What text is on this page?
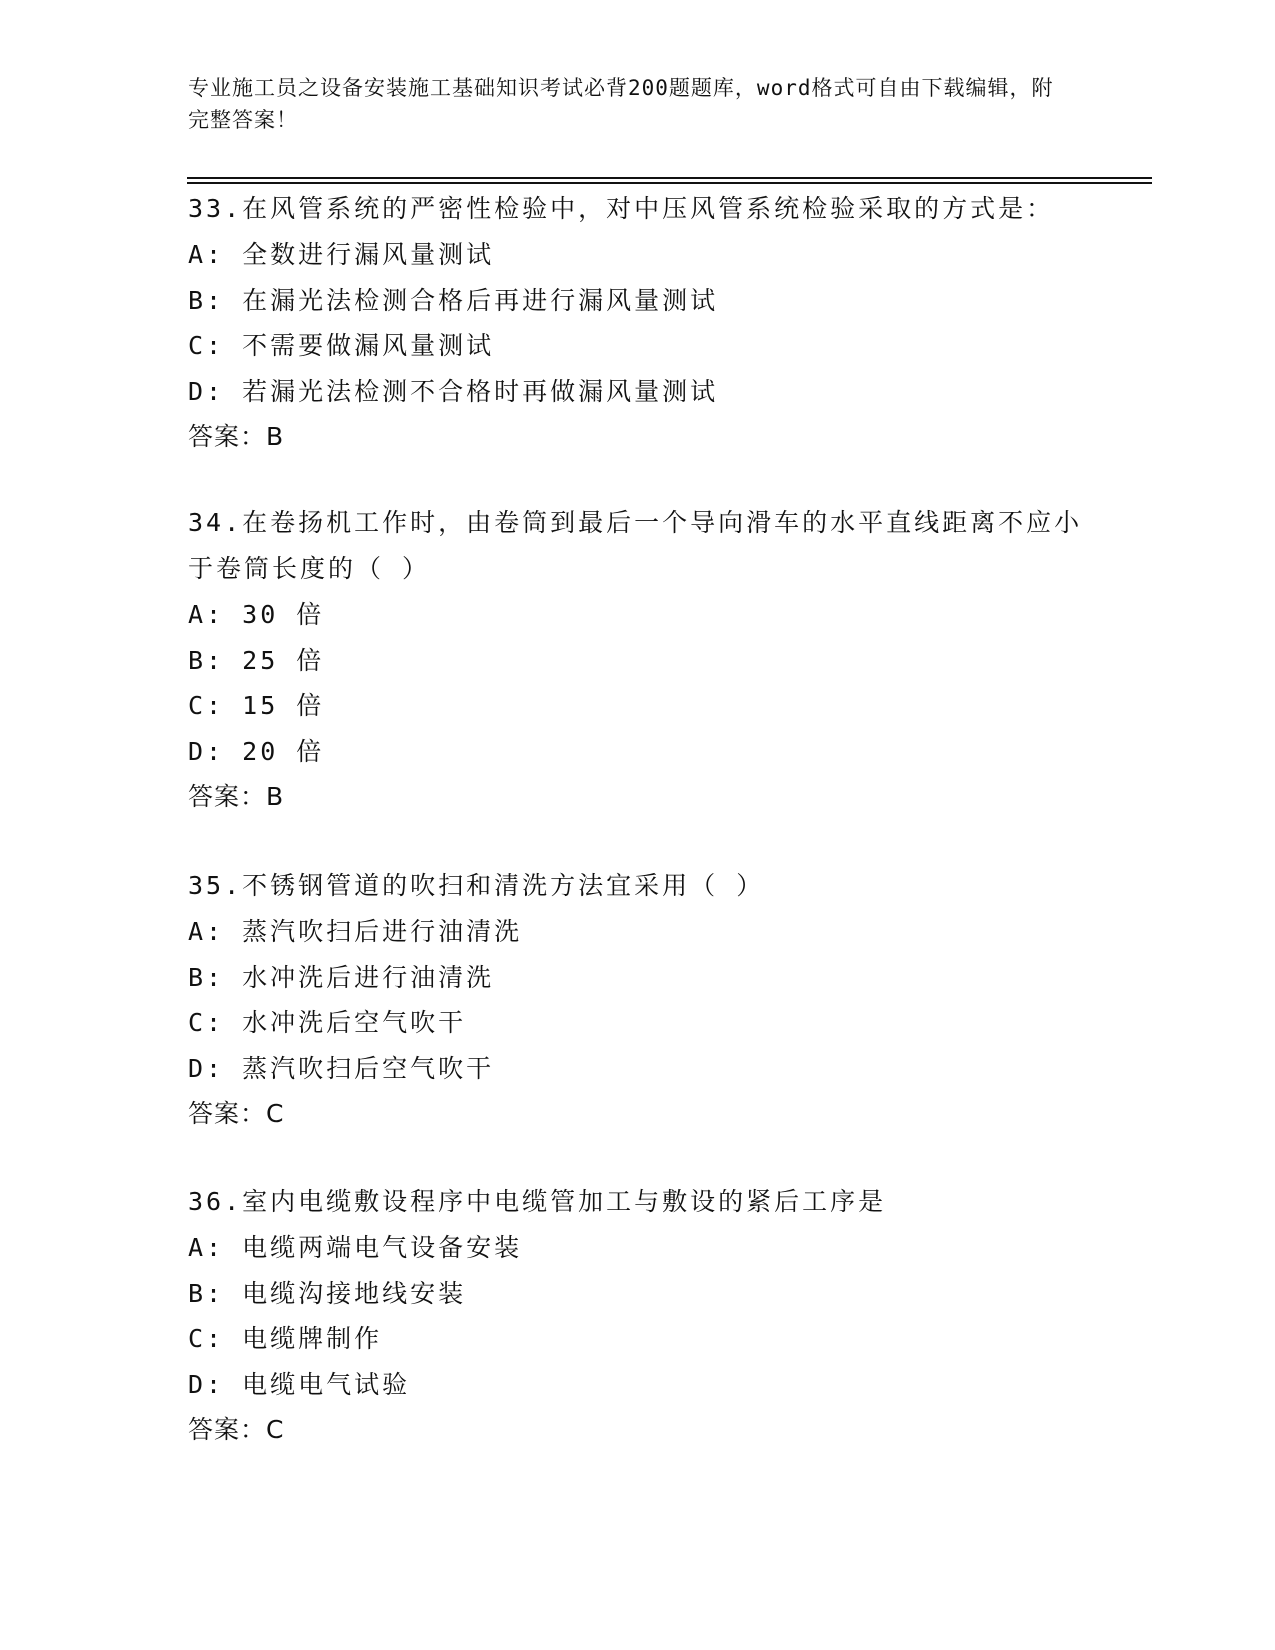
专业施工员之设备安装施工基础知识考试必背200题题库，word格式可自由下载编辑，附完整答案！
33.在风管系统的严密性检验中，对中压风管系统检验采取的方式是：
A: 全数进行漏风量测试
B: 在漏光法检测合格后再进行漏风量测试
C: 不需要做漏风量测试
D: 若漏光法检测不合格时再做漏风量测试
答案：B
34.在卷扬机工作时，由卷筒到最后一个导向滑车的水平直线距离不应小于卷筒长度的（ ）
A: 30 倍
B: 25 倍
C: 15 倍
D: 20 倍
答案：B
35.不锈钢管道的吹扫和清洗方法宜采用（ ）
A: 蒸汽吹扫后进行油清洗
B: 水冲洗后进行油清洗
C: 水冲洗后空气吹干
D: 蒸汽吹扫后空气吹干
答案：C
36.室内电缆敷设程序中电缆管加工与敷设的紧后工序是
A: 电缆两端电气设备安装
B: 电缆沟接地线安装
C: 电缆牌制作
D: 电缆电气试验
答案：C
